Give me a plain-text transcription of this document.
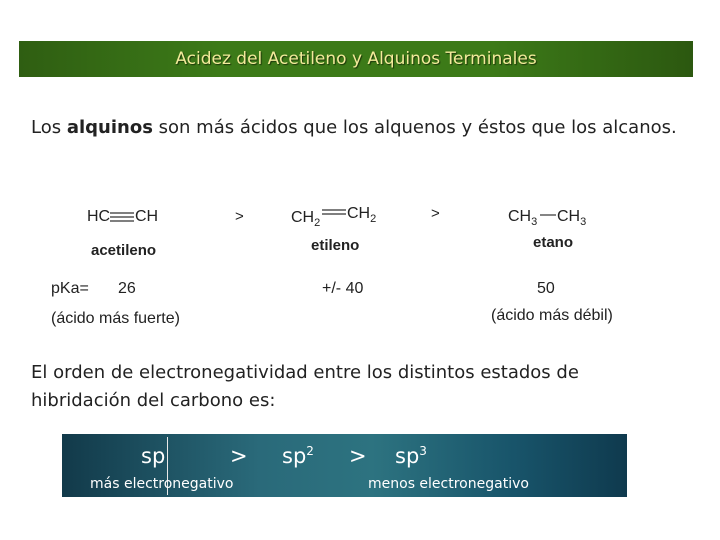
Acidez del Acetileno y Alquinos Terminales
Los alquinos son más ácidos que los alquenos y éstos que los alcanos.
HC CH
acetileno
>	$CH_2$
$CH_2$
etileno
>	$CH_3$ $CH_3$
etano
pKa= 26	+/- 40	50
(ácido más fuerte)	(ácido más débil)
El orden de electronegatividad entre los distintos estados de hibridación del carbono es:
sp	> $sp^2 > sp^3$
más electronegativo	menos electronegativo
